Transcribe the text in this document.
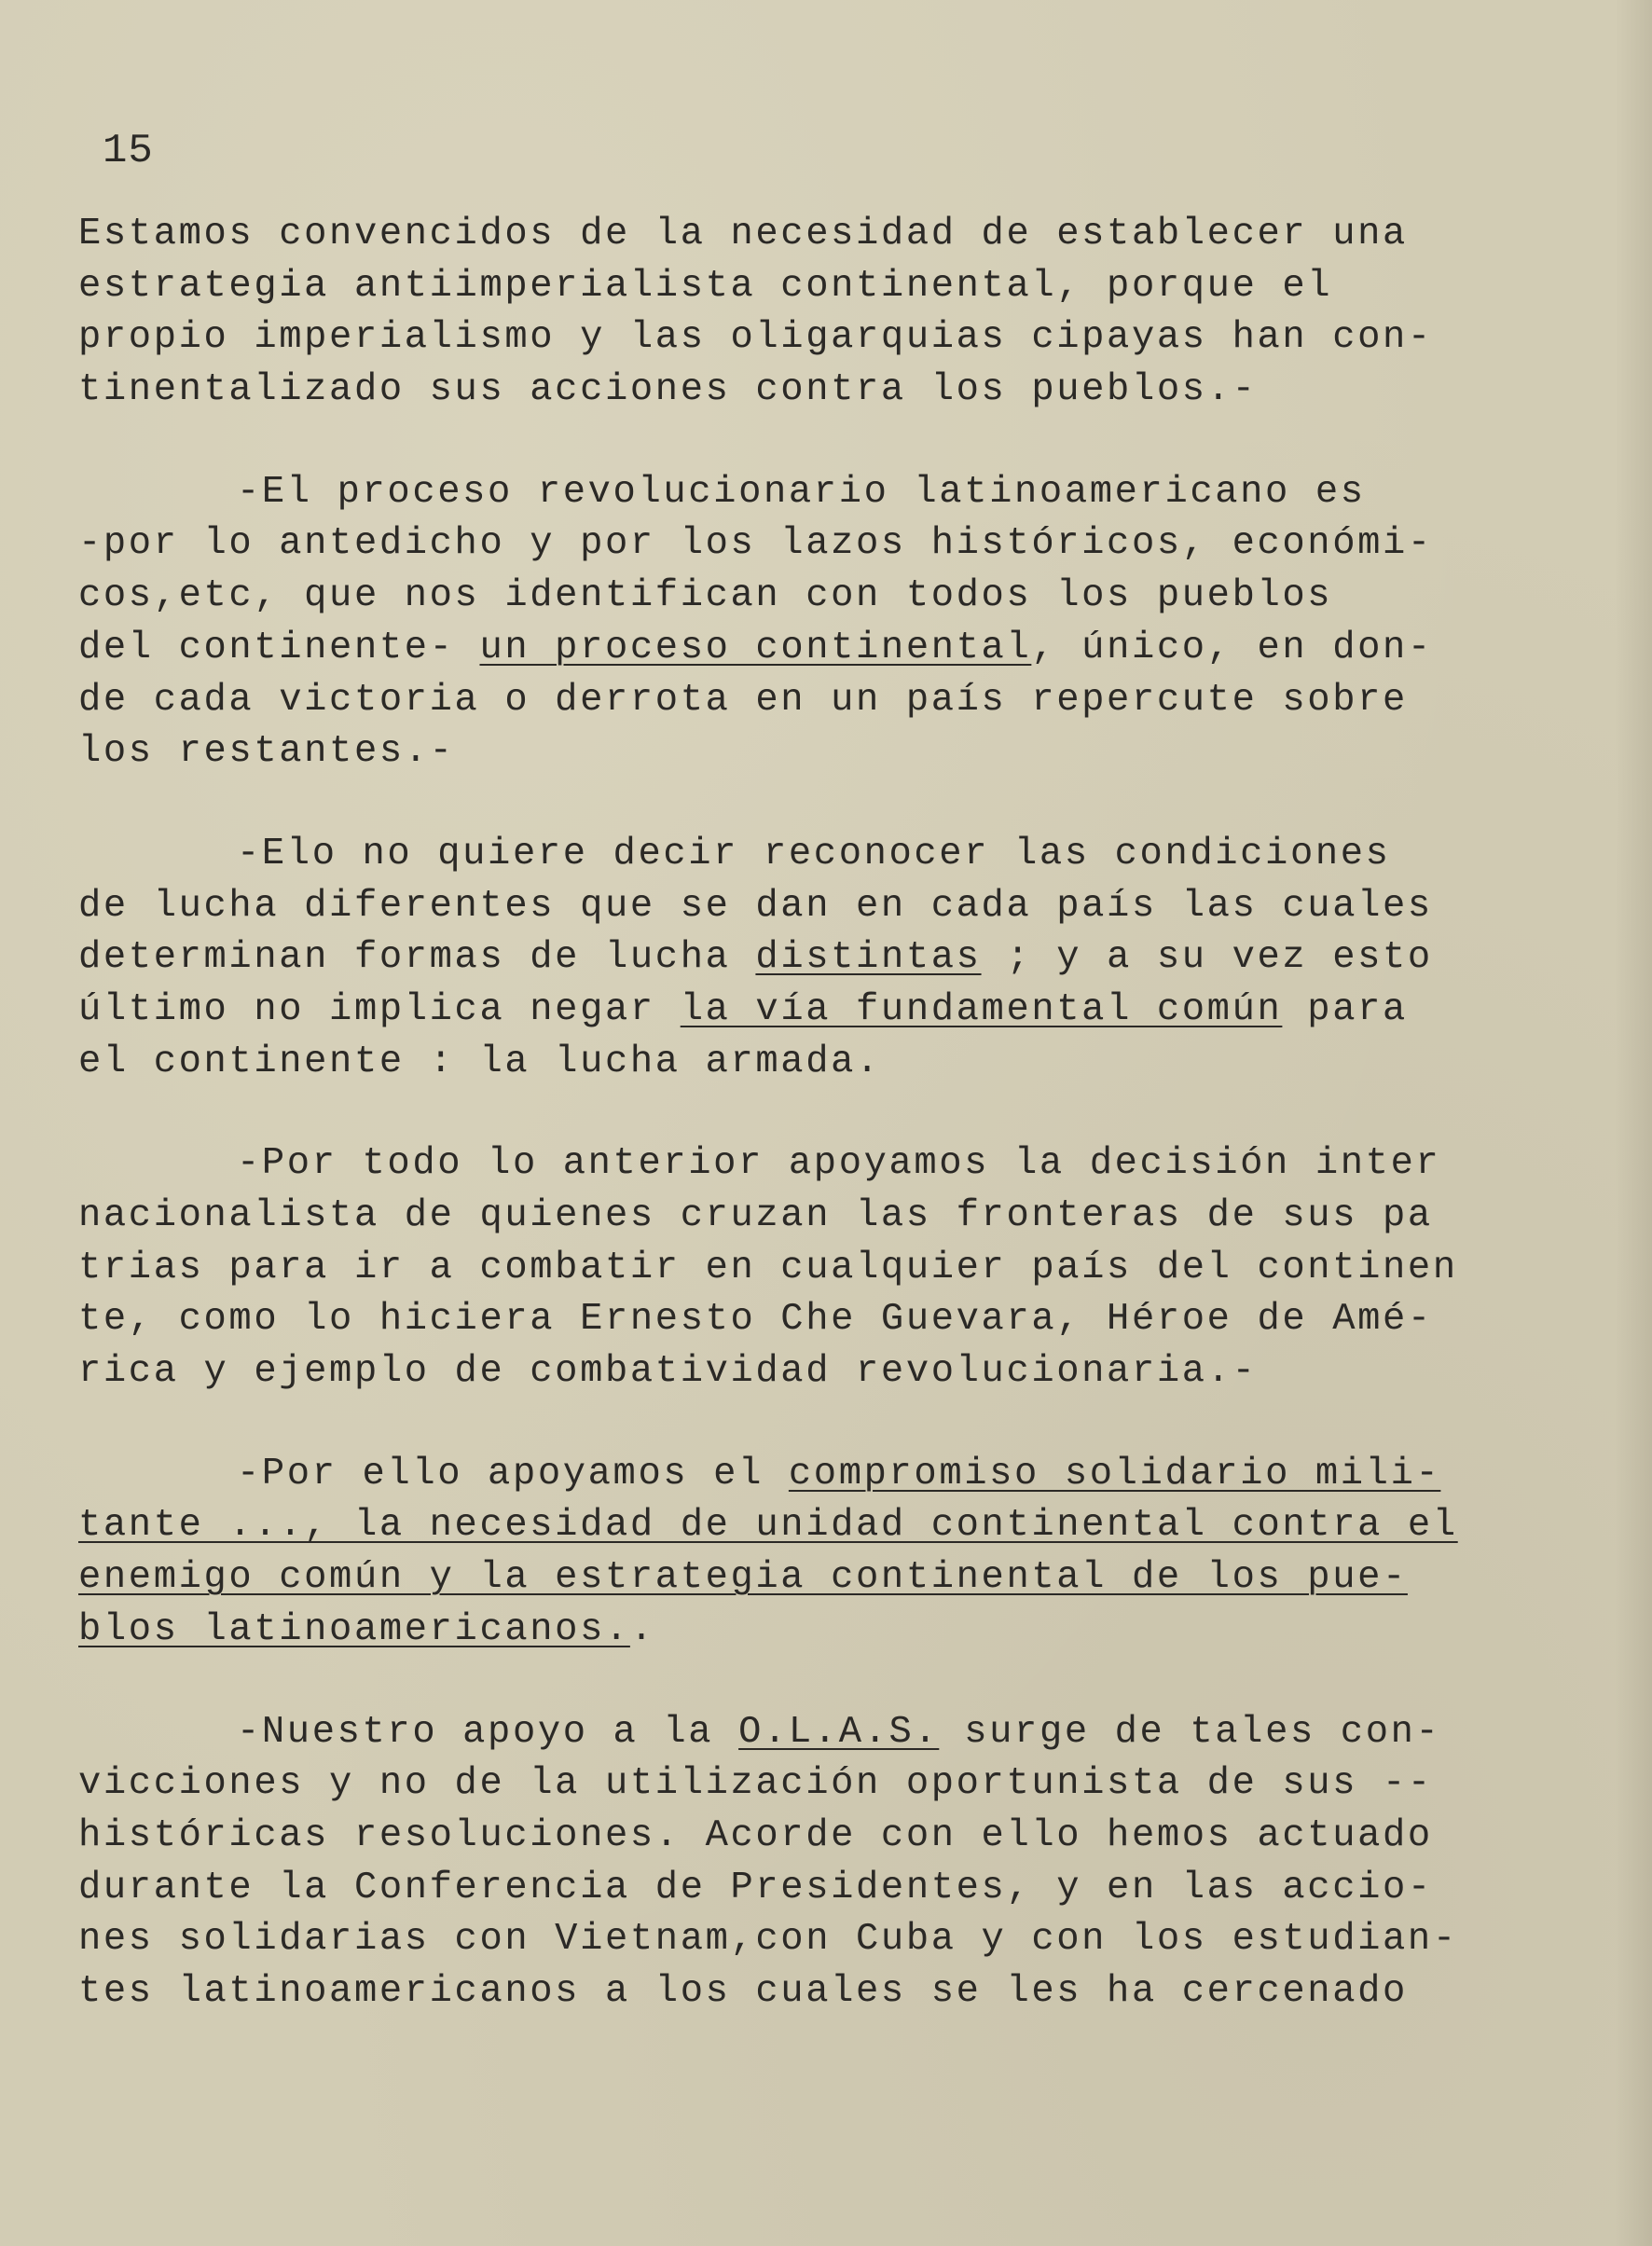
15
Estamos convencidos de la necesidad de establecer una
estrategia antiimperialista continental, porque el
propio imperialismo y las oligarquias cipayas han con-
tinentalizado sus acciones contra los pueblos.-
-El proceso revolucionario latinoamericano es
-por lo antedicho y por los lazos históricos, económi-
cos,etc, que nos identifican con todos los pueblos
del continente- un proceso continental, único, en don-
de cada victoria o derrota en un país repercute sobre
los restantes.-
-Elo no quiere decir reconocer las condiciones
de lucha diferentes que se dan en cada país las cuales
determinan formas de lucha distintas ; y a su vez esto
último no implica negar la vía fundamental común para
el continente : la lucha armada.
-Por todo lo anterior apoyamos la decisión inter
nacionalista de quienes cruzan las fronteras de sus pa
trias para ir a combatir en cualquier país del continen
te, como lo hiciera Ernesto Che Guevara, Héroe de Amé-
rica y ejemplo de combatividad revolucionaria.-
-Por ello apoyamos el compromiso solidario mili-
tante ..., la necesidad de unidad continental contra el
enemigo común y la estrategia continental de los pue-
blos latinoamericanos..
-Nuestro apoyo a la O.L.A.S. surge de tales con-
vicciones y no de la utilización oportunista de sus --
históricas resoluciones. Acorde con ello hemos actuado
durante la Conferencia de Presidentes, y en las accio-
nes solidarias con Vietnam,con Cuba y con los estudian-
tes latinoamericanos a los cuales se les ha cercenado
